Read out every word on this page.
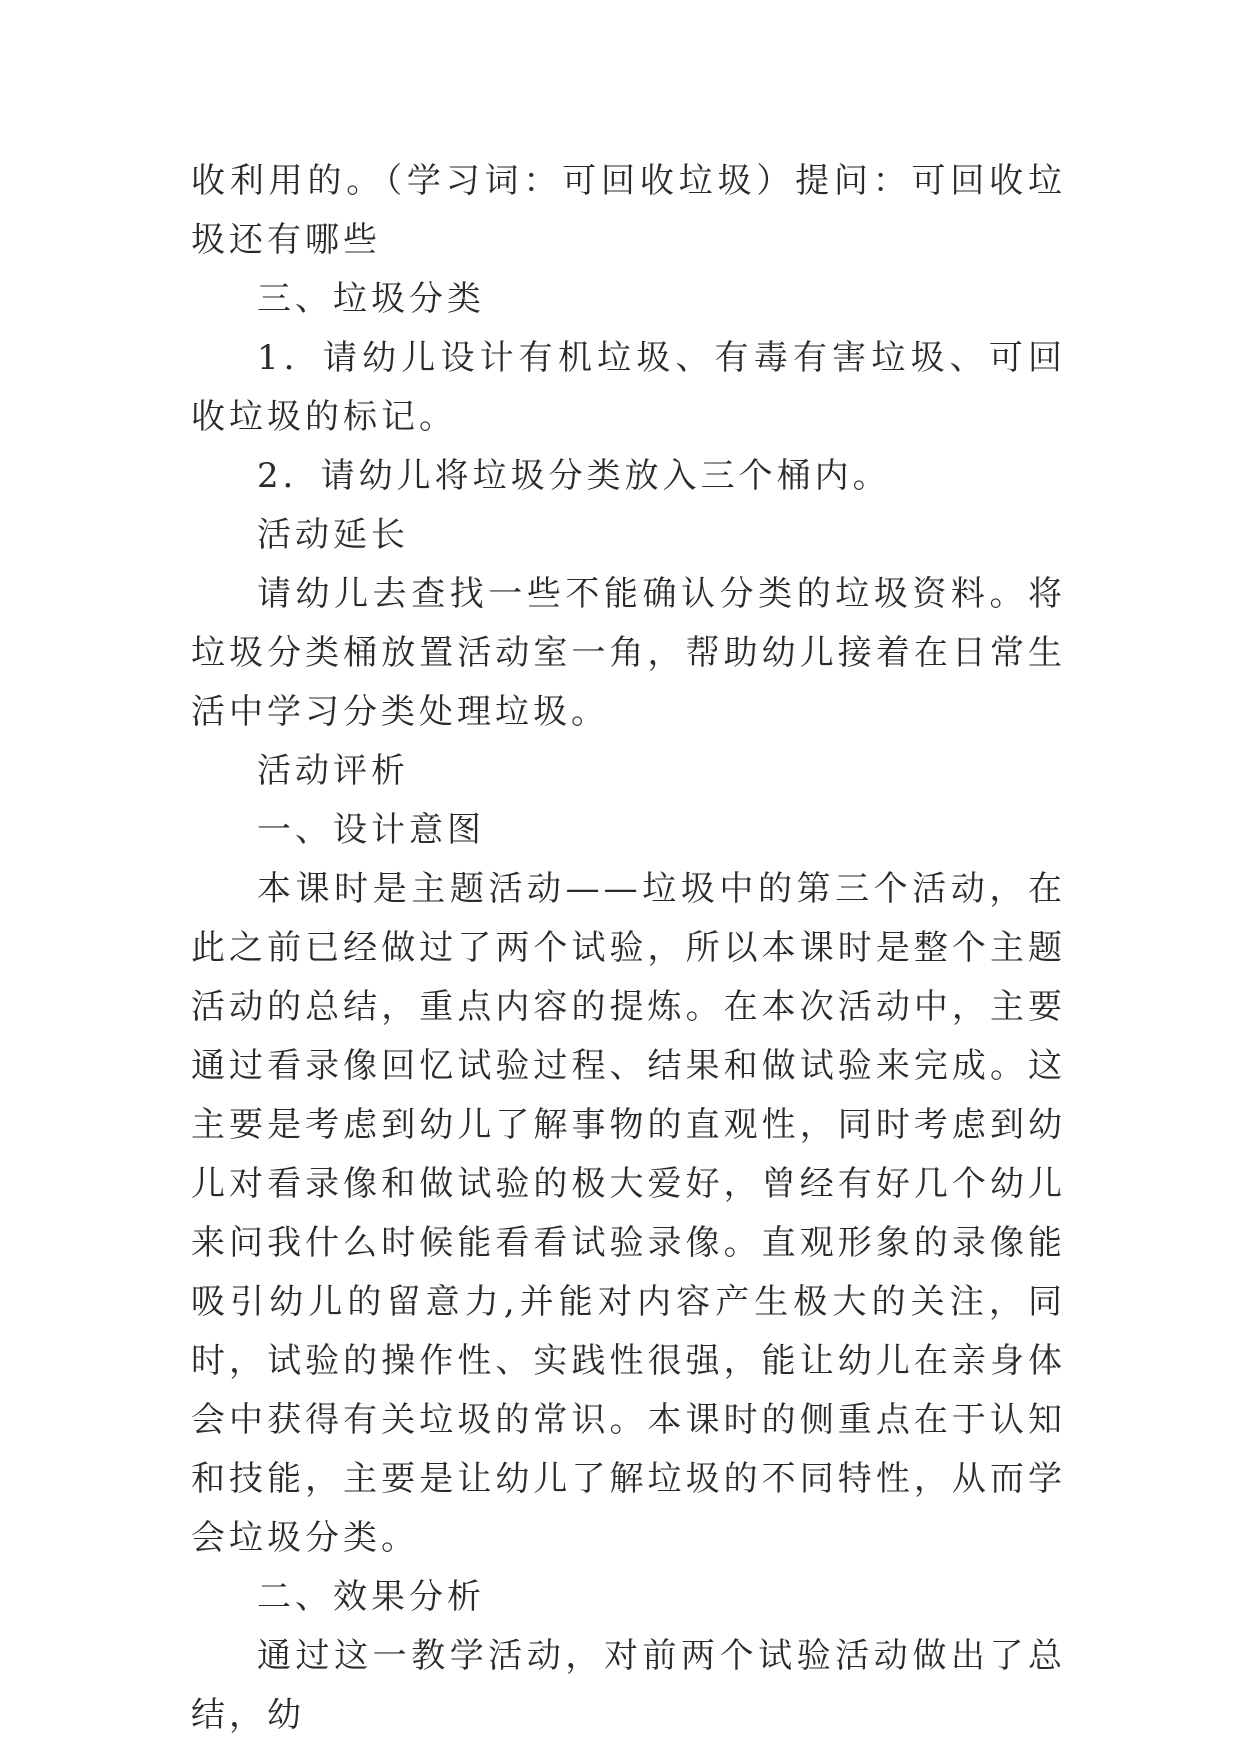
收利用的。（学习词：可回收垃圾）提问：可回收垃圾还有哪些

三、垃圾分类

1．请幼儿设计有机垃圾、有毒有害垃圾、可回收垃圾的标记。

2．请幼儿将垃圾分类放入三个桶内。

活动延长

请幼儿去查找一些不能确认分类的垃圾资料。将垃圾分类桶放置活动室一角，帮助幼儿接着在日常生活中学习分类处理垃圾。

活动评析

一、设计意图

本课时是主题活动——垃圾中的第三个活动，在此之前已经做过了两个试验，所以本课时是整个主题活动的总结，重点内容的提炼。在本次活动中，主要通过看录像回忆试验过程、结果和做试验来完成。这主要是考虑到幼儿了解事物的直观性，同时考虑到幼儿对看录像和做试验的极大爱好，曾经有好几个幼儿来问我什么时候能看看试验录像。直观形象的录像能吸引幼儿的留意力,并能对内容产生极大的关注，同时，试验的操作性、实践性很强，能让幼儿在亲身体会中获得有关垃圾的常识。本课时的侧重点在于认知和技能，主要是让幼儿了解垃圾的不同特性，从而学会垃圾分类。

二、效果分析

通过这一教学活动，对前两个试验活动做出了总结，幼
